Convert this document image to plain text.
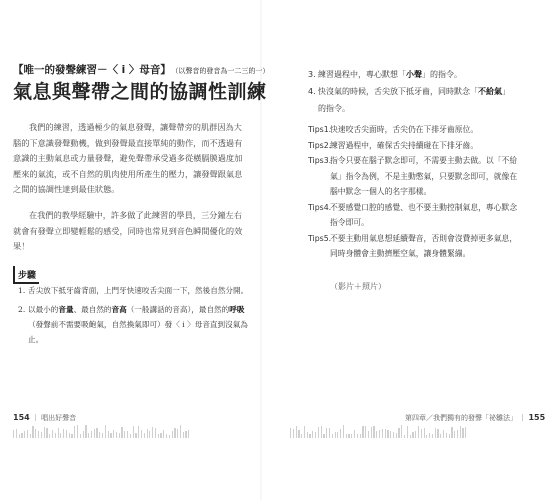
【唯一的發聲練習－〈 i 〉母音】 （以聲音的發音為一二三的一）
氣息與聲帶之間的協調性訓練

我們的練習，透過極少的氣息發聲，讓聲帶旁的肌群因為大腦的下意識發聲動機，做到發聲最直接單純的動作，而不透過有意識的主動氣息或力量發聲，避免聲帶承受過多從橫膈膜過度加壓來的氣流，或不自然的肌肉使用所產生的壓力，讓發聲跟氣息之間的協調性達到最佳狀態。

在我們的教學經驗中，許多做了此練習的學員，三分鐘左右就會有發聲立即變輕鬆的感受，同時也常見到音色瞬間優化的效果！

步驟
1. 舌尖放下抵牙齒背面，上門牙快速咬舌尖面一下，然後自然分開。
2. 以最小的音量、最自然的音高（一般講話的音高），最自然的呼吸（發聲前不需要吸飽氣，自然換氣即可）發〈 i 〉母音直到沒氣為止。
154 ｜ 唱出好聲音
3. 練習過程中，專心默想「小聲」的指令。
4. 快沒氣的時候，舌尖放下抵牙齒，同時默念「不給氣」的指令。
Tips1.
快速咬舌尖面時，舌尖仍在下排牙齒原位。
Tips2.
練習過程中，確保舌尖持續碰在下排牙齒。
Tips3.
指令只要在腦子默念即可，不需要主動去做。以「不給氣」指令為例，不是主動憋氣，只要默念即可，就像在腦中默念一個人的名字那樣。
Tips4.
不要感覺口腔的感覺、也不要主動控制氣息，專心默念指令即可。
Tips5.
不要主動用氣息想延續聲音，否則會沒費掉更多氣息，同時身體會主動擠壓空氣，讓身體緊繃。
（影片＋照片）
第四章／我們獨有的發聲「祕雛法」 ｜ 155
